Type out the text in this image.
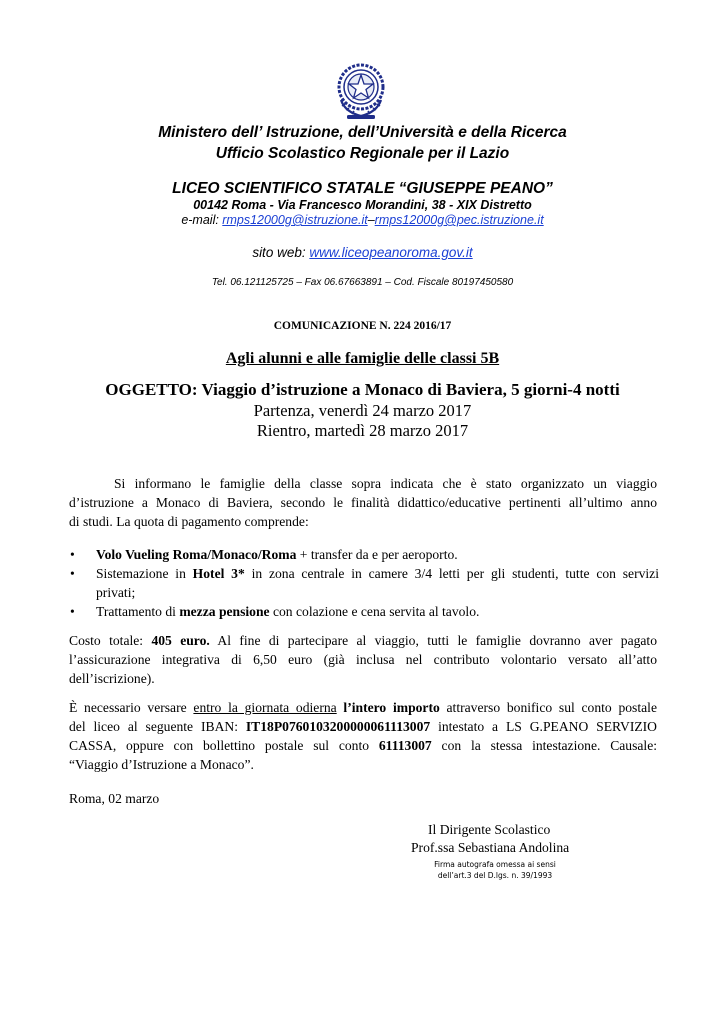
Ministero dell’ Istruzione, dell’Università e della Ricerca
Ufficio Scolastico Regionale per il Lazio
LICEO SCIENTIFICO STATALE “GIUSEPPE PEANO”
00142 Roma - Via Francesco Morandini, 38 - XIX Distretto
e-mail: rmps12000g@istruzione.it–rmps12000g@pec.istruzione.it
sito web: www.liceopeanoroma.gov.it
Tel. 06.121125725 – Fax 06.67663891 – Cod. Fiscale 80197450580
COMUNICAZIONE N. 224 2016/17
Agli alunni e alle famiglie delle classi 5B
OGGETTO: Viaggio d’istruzione a Monaco di Baviera, 5 giorni-4 notti
Partenza, venerdì 24 marzo 2017
Rientro, martedì 28 marzo 2017
Si informano le famiglie della classe sopra indicata che è stato organizzato un viaggio
d’istruzione a Monaco di Baviera, secondo le finalità didattico/educative pertinenti all’ultimo anno
di studi. La quota di pagamento comprende:
• Volo Vueling Roma/Monaco/Roma + transfer da e per aeroporto.
• Sistemazione in Hotel 3* in zona centrale in camere 3/4 letti per gli studenti, tutte con servizi
privati;
• Trattamento di mezza pensione con colazione e cena servita al tavolo.
Costo totale: 405 euro. Al fine di partecipare al viaggio, tutti le famiglie dovranno aver pagato
l’assicurazione integrativa di 6,50 euro (già inclusa nel contributo volontario versato all’atto
dell’iscrizione).
È necessario versare entro la giornata odierna l’intero importo attraverso bonifico sul conto postale
del liceo al seguente IBAN: IT18P0760103200000061113007 intestato a LS G.PEANO SERVIZIO
CASSA, oppure con bollettino postale sul conto 61113007 con la stessa intestazione. Causale:
“Viaggio d’Istruzione a Monaco”.
Roma, 02 marzo
Il Dirigente Scolastico
Prof.ssa Sebastiana Andolina
Firma autografa omessa ai sensi
dell’art.3 del D.lgs. n. 39/1993
